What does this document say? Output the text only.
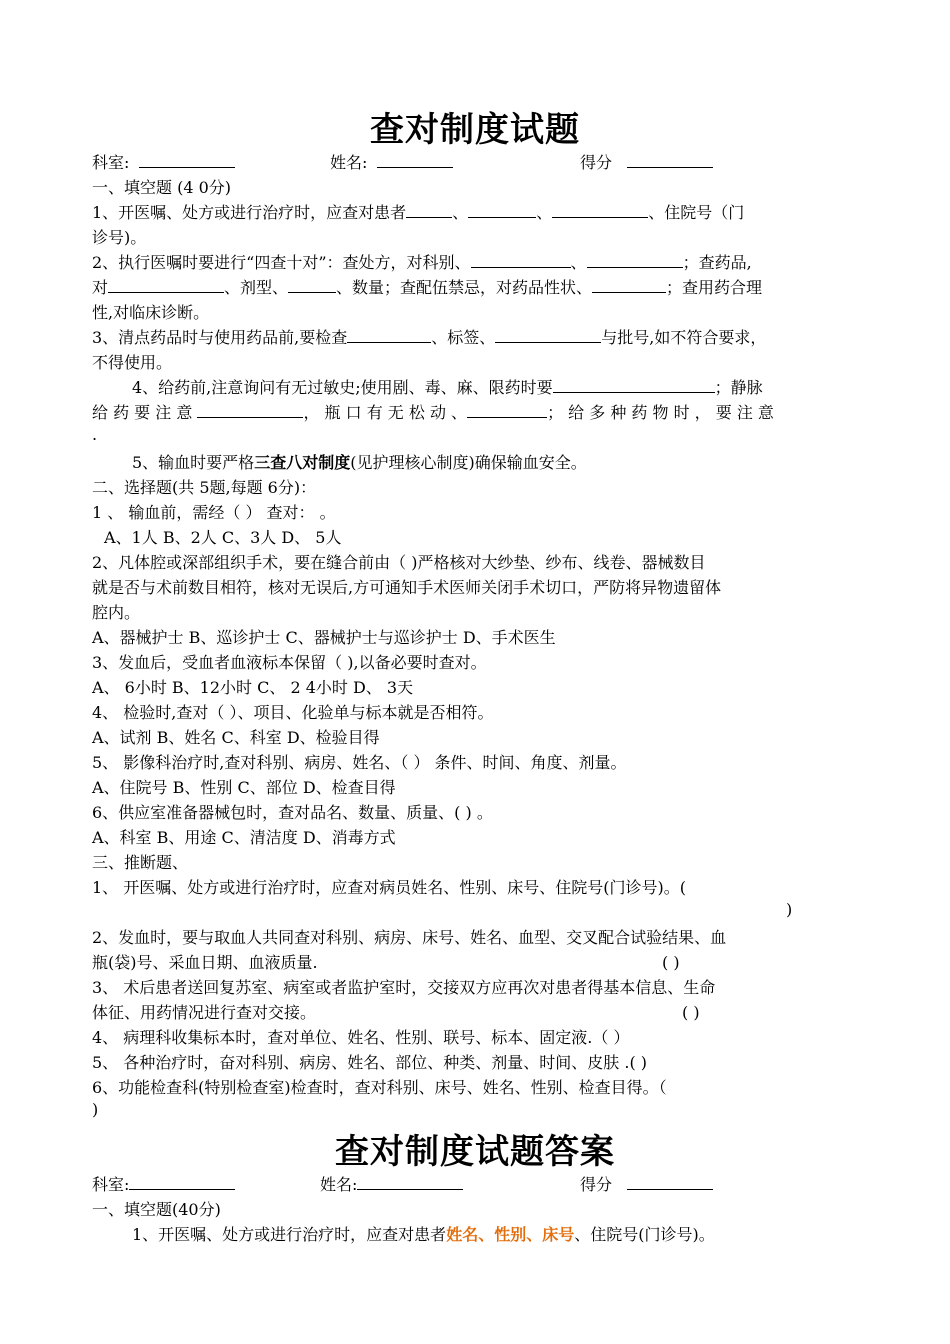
查对制度试题
科室:	姓名:	得分
一、填空题 (4 0分)
1、开医嘱、处方或进行治疗时，应查对患者	、	、	、住院号（门
诊号)。
2、执行医嘱时要进行“四查十对”：查处方，对科别、	、	；查药品,
对	、剂型、	、数量；查配伍禁忌，对药品性状、	；查用药合理
性,对临床诊断。
3、清点药品时与使用药品前,要检查	、标签、	与批号,如不符合要求，
不得使用。
4、给药前,注意询问有无过敏史;使用剧、毒、麻、限药时要	；静脉
给 药 要 注 意	， 瓶 口 有 无 松 动 、	； 给 多 种 药 物 时 ， 要 注 意
.
5、输血时要严格三查八对制度(见护理核心制度)确保输血安全。
二、选择题(共 5题,每题 6分)：
1 、 输血前，需经（ ） 查对： 。
A、1人 B、2人 C、3人 D、 5人
2、凡体腔或深部组织手术，要在缝合前由（ )严格核对大纱垫、纱布、线卷、器械数目
就是否与术前数目相符，核对无误后,方可通知手术医师关闭手术切口，严防将异物遗留体
腔内。
A、器械护士 B、巡诊护士 C、器械护士与巡诊护士 D、手术医生
3、发血后，受血者血液标本保留（ ),以备必要时查对。
A、 6小时 B、12小时 C、 2 4小时 D、 3天
4、 检验时,查对（ ）、项目、化验单与标本就是否相符。
A、试剂 B、姓名 C、科室 D、检验目得
5、 影像科治疗时,查对科别、病房、姓名、（ ） 条件、时间、角度、剂量。
A、住院号 B、性别 C、部位 D、检查目得
6、供应室准备器械包时，查对品名、数量、质量、( ) 。
A、科室 B、用途 C、清洁度 D、消毒方式
三、推断题、
1、 开医嘱、处方或进行治疗时，应查对病员姓名、性别、床号、住院号(门诊号)。(
)
2、发血时，要与取血人共同查对科别、病房、床号、姓名、血型、交叉配合试验结果、血
瓶(袋)号、采血日期、血液质量.	( )
3、 术后患者送回复苏室、病室或者监护室时，交接双方应再次对患者得基本信息、生命
体征、用药情况进行查对交接。	( )
4、 病理科收集标本时，查对单位、姓名、性别、联号、标本、固定液.（ ）
5、 各种治疗时，奋对科别、病房、姓名、部位、种类、剂量、时间、皮肤 .( )
6、功能检查科(特别检查室)检查时，查对科别、床号、姓名、性别、检查目得。（
)
查对制度试题答案
科室:	姓名:	得分
一、填空题(40分)
1、开医嘱、处方或进行治疗时，应查对患者姓名、性别、床号、住院号(门诊号)。
